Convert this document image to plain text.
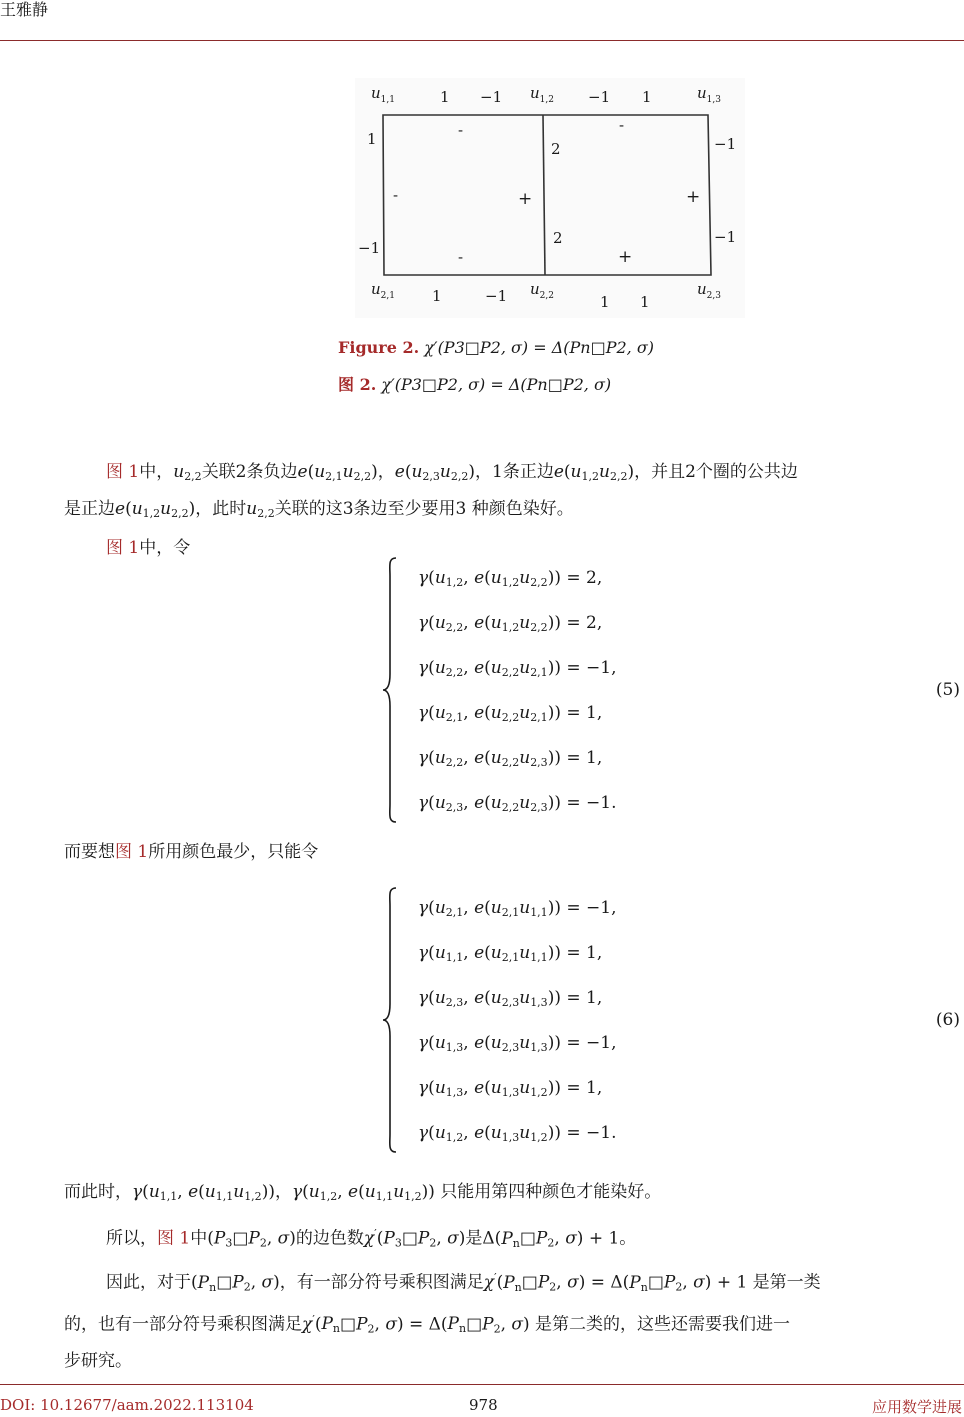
王雅静
$u_{1,1}$	$u_{1,2}$	$u_{1,3}$
$u_{2,1}$	$u_{2,2}$	$u_{2,3}$
1 −1	−1 1
1	−1	1 1
1
−1
2
2
−1
−1
-
-	+
-
-
+
+
Figure 2. χ′(P3□P2, σ) = Δ(Pn□P2, σ)
图 2. χ′(P3□P2, σ) = Δ(Pn□P2, σ)
图 1中，$u_{2,2}$关联2条负边$e(u_{2,1}u_{2,2})$，$e(u_{2,3}u_{2,2})$，1条正边$e(u_{1,2}u_{2,2})$，并且2个圈的公共边
是正边$e(u_{1,2}u_{2,2})$，此时$u_{2,2}$关联的这3条边至少要用3 种颜色染好。
图 1中，令
$\gamma(u_{1,2}$, $e(u_{1,2}u_{2,2})) = 2$,
$\gamma(u_{2,2}$, $e(u_{1,2}u_{2,2})) = 2$,
$\gamma(u_{2,2}$, $e(u_{2,2}u_{2,1})) = -1$,
$\gamma(u_{2,1}$, $e(u_{2,2}u_{2,1})) = 1$,
$\gamma(u_{2,2}$, $e(u_{2,2}u_{2,3})) = 1$,
$\gamma(u_{2,3}$, $e(u_{2,2}u_{2,3})) = -1$.
(5)
而要想图 1所用颜色最少，只能令
$\gamma(u_{2,1}$, $e(u_{2,1}u_{1,1})) = -1$,
$\gamma(u_{1,1}$, $e(u_{2,1}u_{1,1})) = 1$,
$\gamma(u_{2,3}$, $e(u_{2,3}u_{1,3})) = 1$,
$\gamma(u_{1,3}$, $e(u_{2,3}u_{1,3})) = -1$,
$\gamma(u_{1,3}$, $e(u_{1,3}u_{1,2})) = 1$,
$\gamma(u_{1,2}$, $e(u_{1,3}u_{1,2})) = -1$.
(6)
而此时，$\gamma(u_{1,1}$, $e(u_{1,1}u_{1,2})$)，$\gamma(u_{1,2}$, $e(u_{1,1}u_{1,2})$) 只能用第四种颜色才能染好。
所以，图 1中($P_3□P_2$, σ)的边色数$\chi'(P_3□P_2$, σ)是$\Delta(P_n□P_2$, σ) + 1。
因此，对于($P_n□P_2$, σ)，有一部分符号乘积图满足$\chi'(P_n□P_2$, $\sigma) = \Delta(P_n□P_2$, σ) + 1 是第一类
的，也有一部分符号乘积图满足$\chi'(P_n□P_2$, $\sigma) = \Delta(P_n□P_2$, σ) 是第二类的，这些还需要我们进一
步研究。
DOI: 10.12677/aam.2022.113104	978	应用数学进展
